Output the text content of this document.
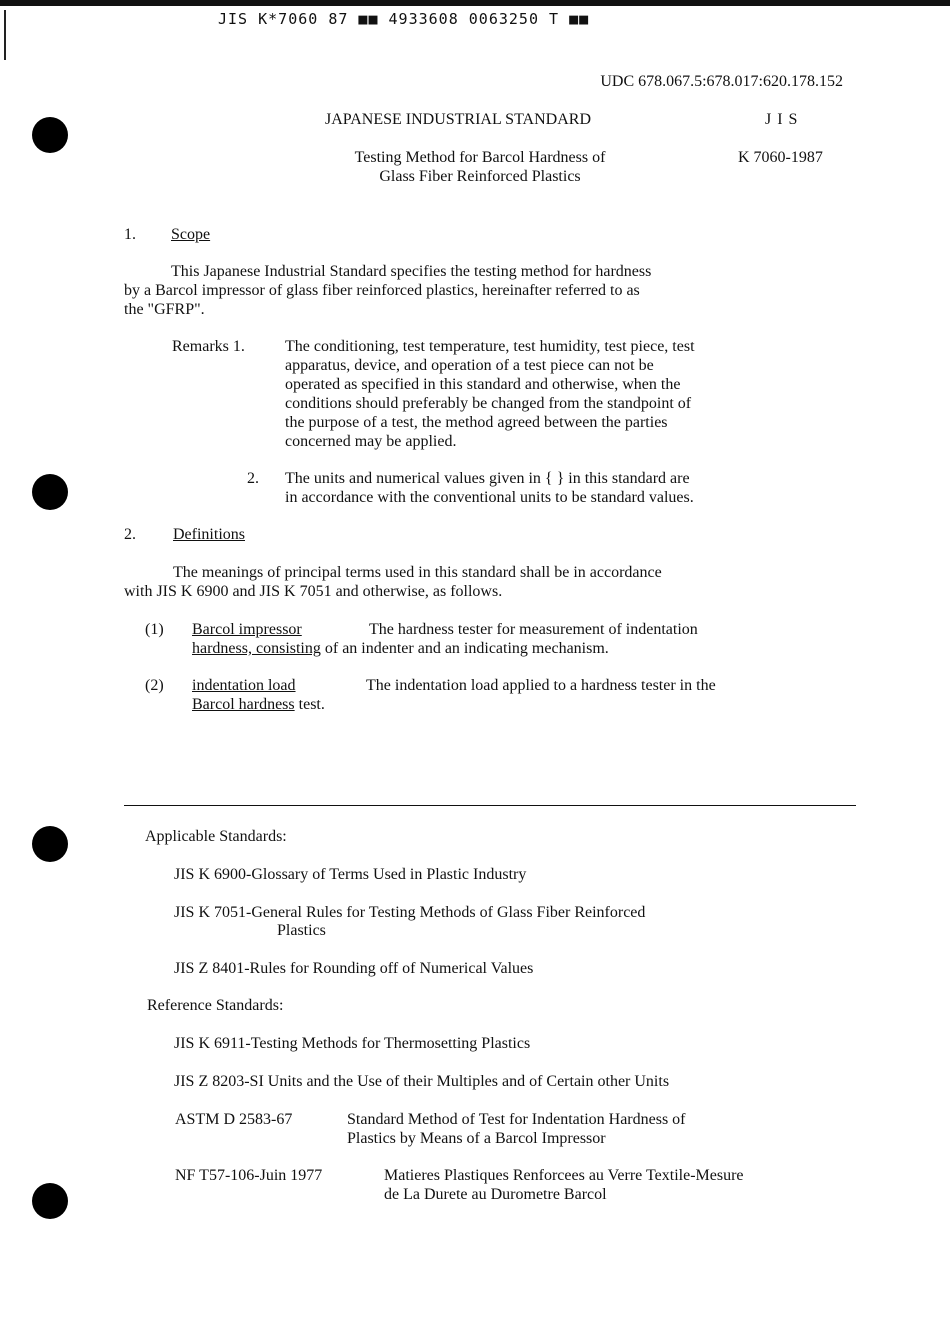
JIS K*7060 87 ■■ 4933608 0063250 T ■■
UDC 678.067.5:678.017:620.178.152
JAPANESE INDUSTRIAL STANDARD	J I S
Testing Method for Barcol Hardness of
Glass Fiber Reinforced Plastics
K 7060-1987
1. Scope
This Japanese Industrial Standard specifies the testing method for hardness
by a Barcol impressor of glass fiber reinforced plastics, hereinafter referred to as
the "GFRP".
Remarks 1.	The conditioning, test temperature, test humidity, test piece, test
apparatus, device, and operation of a test piece can not be
operated as specified in this standard and otherwise, when the
conditions should preferably be changed from the standpoint of
the purpose of a test, the method agreed between the parties
concerned may be applied.
2. The units and numerical values given in { } in this standard are
in accordance with the conventional units to be standard values.
2. Definitions
The meanings of principal terms used in this standard shall be in accordance
with JIS K 6900 and JIS K 7051 and otherwise, as follows.
(1) Barcol impressor	The hardness tester for measurement of indentation
hardness, consisting of an indenter and an indicating mechanism.
(2) indentation load	The indentation load applied to a hardness tester in the
Barcol hardness test.
Applicable Standards:
JIS K 6900-Glossary of Terms Used in Plastic Industry
JIS K 7051-General Rules for Testing Methods of Glass Fiber Reinforced
Plastics
JIS Z 8401-Rules for Rounding off of Numerical Values
Reference Standards:
JIS K 6911-Testing Methods for Thermosetting Plastics
JIS Z 8203-SI Units and the Use of their Multiples and of Certain other Units
ASTM D 2583-67	Standard Method of Test for Indentation Hardness of
Plastics by Means of a Barcol Impressor
NF T57-106-Juin 1977	Matieres Plastiques Renforcees au Verre Textile-Mesure
de La Durete au Durometre Barcol
